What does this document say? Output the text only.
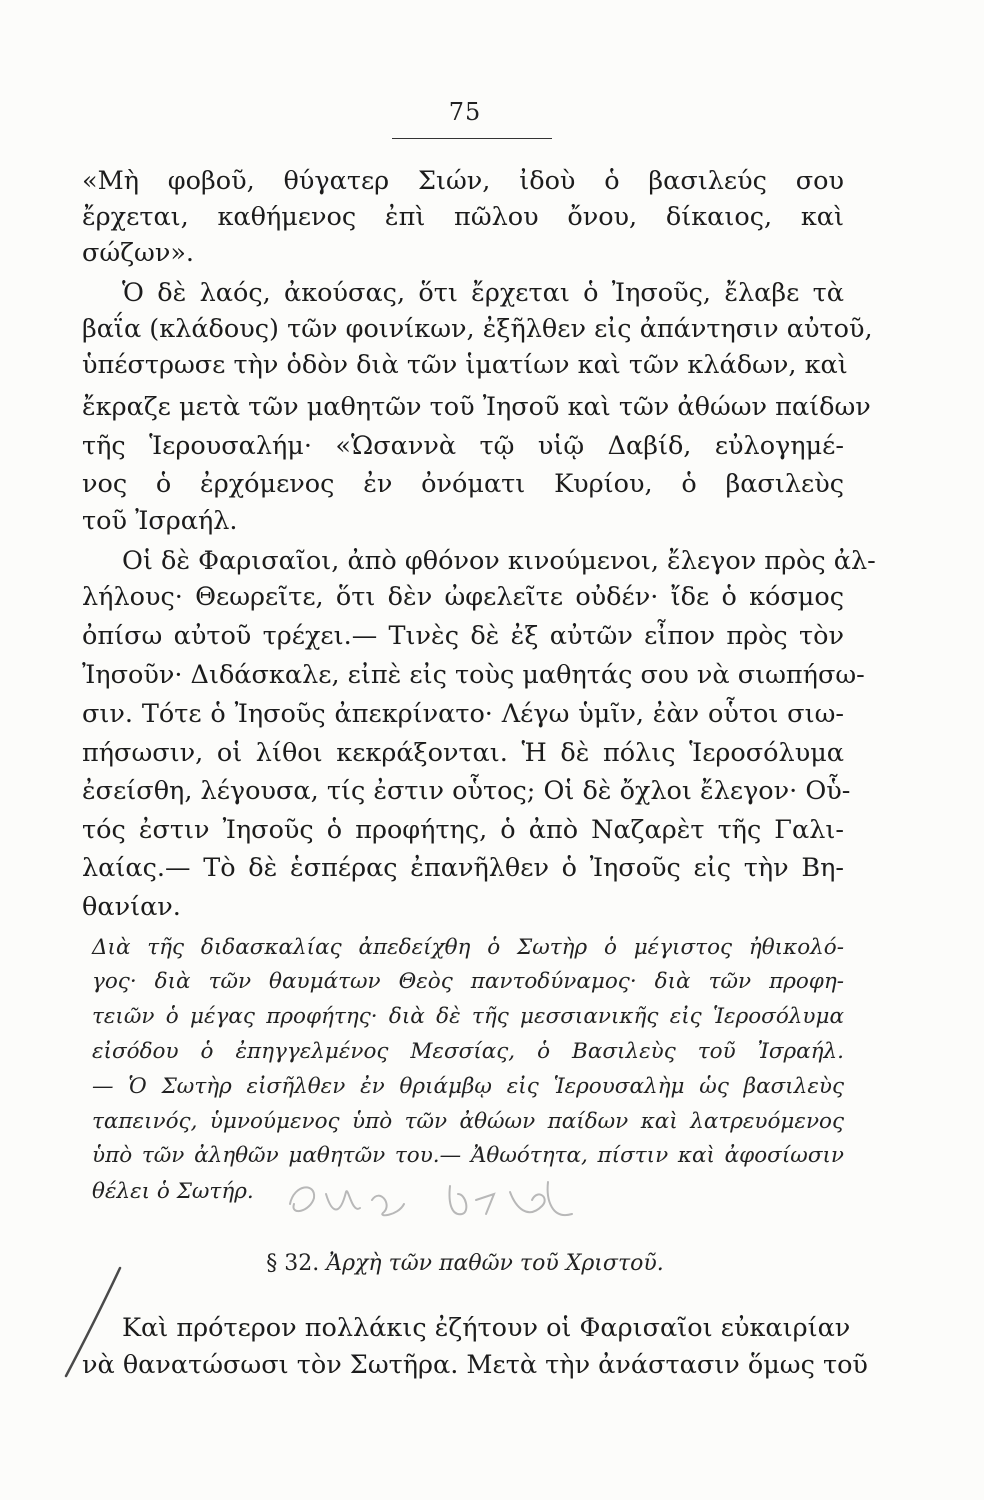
75
«Μὴ φοβοῦ, θύγατερ Σιών, ἰδοὺ ὁ βασιλεύς σου
ἔρχεται, καθήμενος ἐπὶ πῶλου ὄνου, δίκαιος, καὶ
σώζων».
Ὁ δὲ λαός, ἀκούσας, ὅτι ἔρχεται ὁ Ἰησοῦς, ἔλαβε τὰ
βαΐα (κλάδους) τῶν φοινίκων, ἐξῆλθεν εἰς ἀπάντησιν αὐτοῦ,
ὑπέστρωσε τὴν ὁδὸν διὰ τῶν ἱματίων καὶ τῶν κλάδων, καὶ
ἔκραζε μετὰ τῶν μαθητῶν τοῦ Ἰησοῦ καὶ τῶν ἀθώων παίδων
τῆς Ἱερουσαλήμ· «Ὡσαννὰ τῷ υἱῷ Δαβίδ, εὐλογημέ-
νος ὁ ἐρχόμενος ἐν ὀνόματι Κυρίου, ὁ βασιλεὺς
τοῦ Ἰσραήλ.
Οἱ δὲ Φαρισαῖοι, ἀπὸ φθόνον κινούμενοι, ἔλεγον πρὸς ἀλ-
λήλους· Θεωρεῖτε, ὅτι δὲν ὠφελεῖτε οὐδέν· ἴδε ὁ κόσμος
ὀπίσω αὐτοῦ τρέχει.— Τινὲς δὲ ἐξ αὐτῶν εἶπον πρὸς τὸν
Ἰησοῦν· Διδάσκαλε, εἰπὲ εἰς τοὺς μαθητάς σου νὰ σιωπήσω-
σιν. Τότε ὁ Ἰησοῦς ἀπεκρίνατο· Λέγω ὑμῖν, ἐὰν οὗτοι σιω-
πήσωσιν, οἱ λίθοι κεκράξονται. Ἡ δὲ πόλις Ἱεροσόλυμα
ἐσείσθη, λέγουσα, τίς ἐστιν οὗτος; Οἱ δὲ ὄχλοι ἔλεγον· Οὗ-
τός ἐστιν Ἰησοῦς ὁ προφήτης, ὁ ἀπὸ Ναζαρὲτ τῆς Γαλι-
λαίας.— Τὸ δὲ ἑσπέρας ἐπανῆλθεν ὁ Ἰησοῦς εἰς τὴν Βη-
θανίαν.
Διὰ τῆς διδασκαλίας ἀπεδείχθη ὁ Σωτὴρ ὁ μέγιστος ἠθικολό-
γος· διὰ τῶν θαυμάτων Θεὸς παντοδύναμος· διὰ τῶν προφη-
τειῶν ὁ μέγας προφήτης· διὰ δὲ τῆς μεσσιανικῆς εἰς Ἱεροσόλυμα
εἰσόδου ὁ ἐπηγγελμένος Μεσσίας, ὁ Βασιλεὺς τοῦ Ἰσραήλ.
— Ὁ Σωτὴρ εἰσῆλθεν ἐν θριάμβῳ εἰς Ἱερουσαλὴμ ὡς βασιλεὺς
ταπεινός, ὑμνούμενος ὑπὸ τῶν ἀθώων παίδων καὶ λατρευόμενος
ὑπὸ τῶν ἀληθῶν μαθητῶν του.— Ἀθωότητα, πίστιν καὶ ἀφοσίωσιν
θέλει ὁ Σωτήρ.
§ 32. Ἀρχὴ τῶν παθῶν τοῦ Χριστοῦ.
Καὶ πρότερον πολλάκις ἐζήτουν οἱ Φαρισαῖοι εὐκαιρίαν
νὰ θανατώσωσι τὸν Σωτῆρα. Μετὰ τὴν ἀνάστασιν ὅμως τοῦ
